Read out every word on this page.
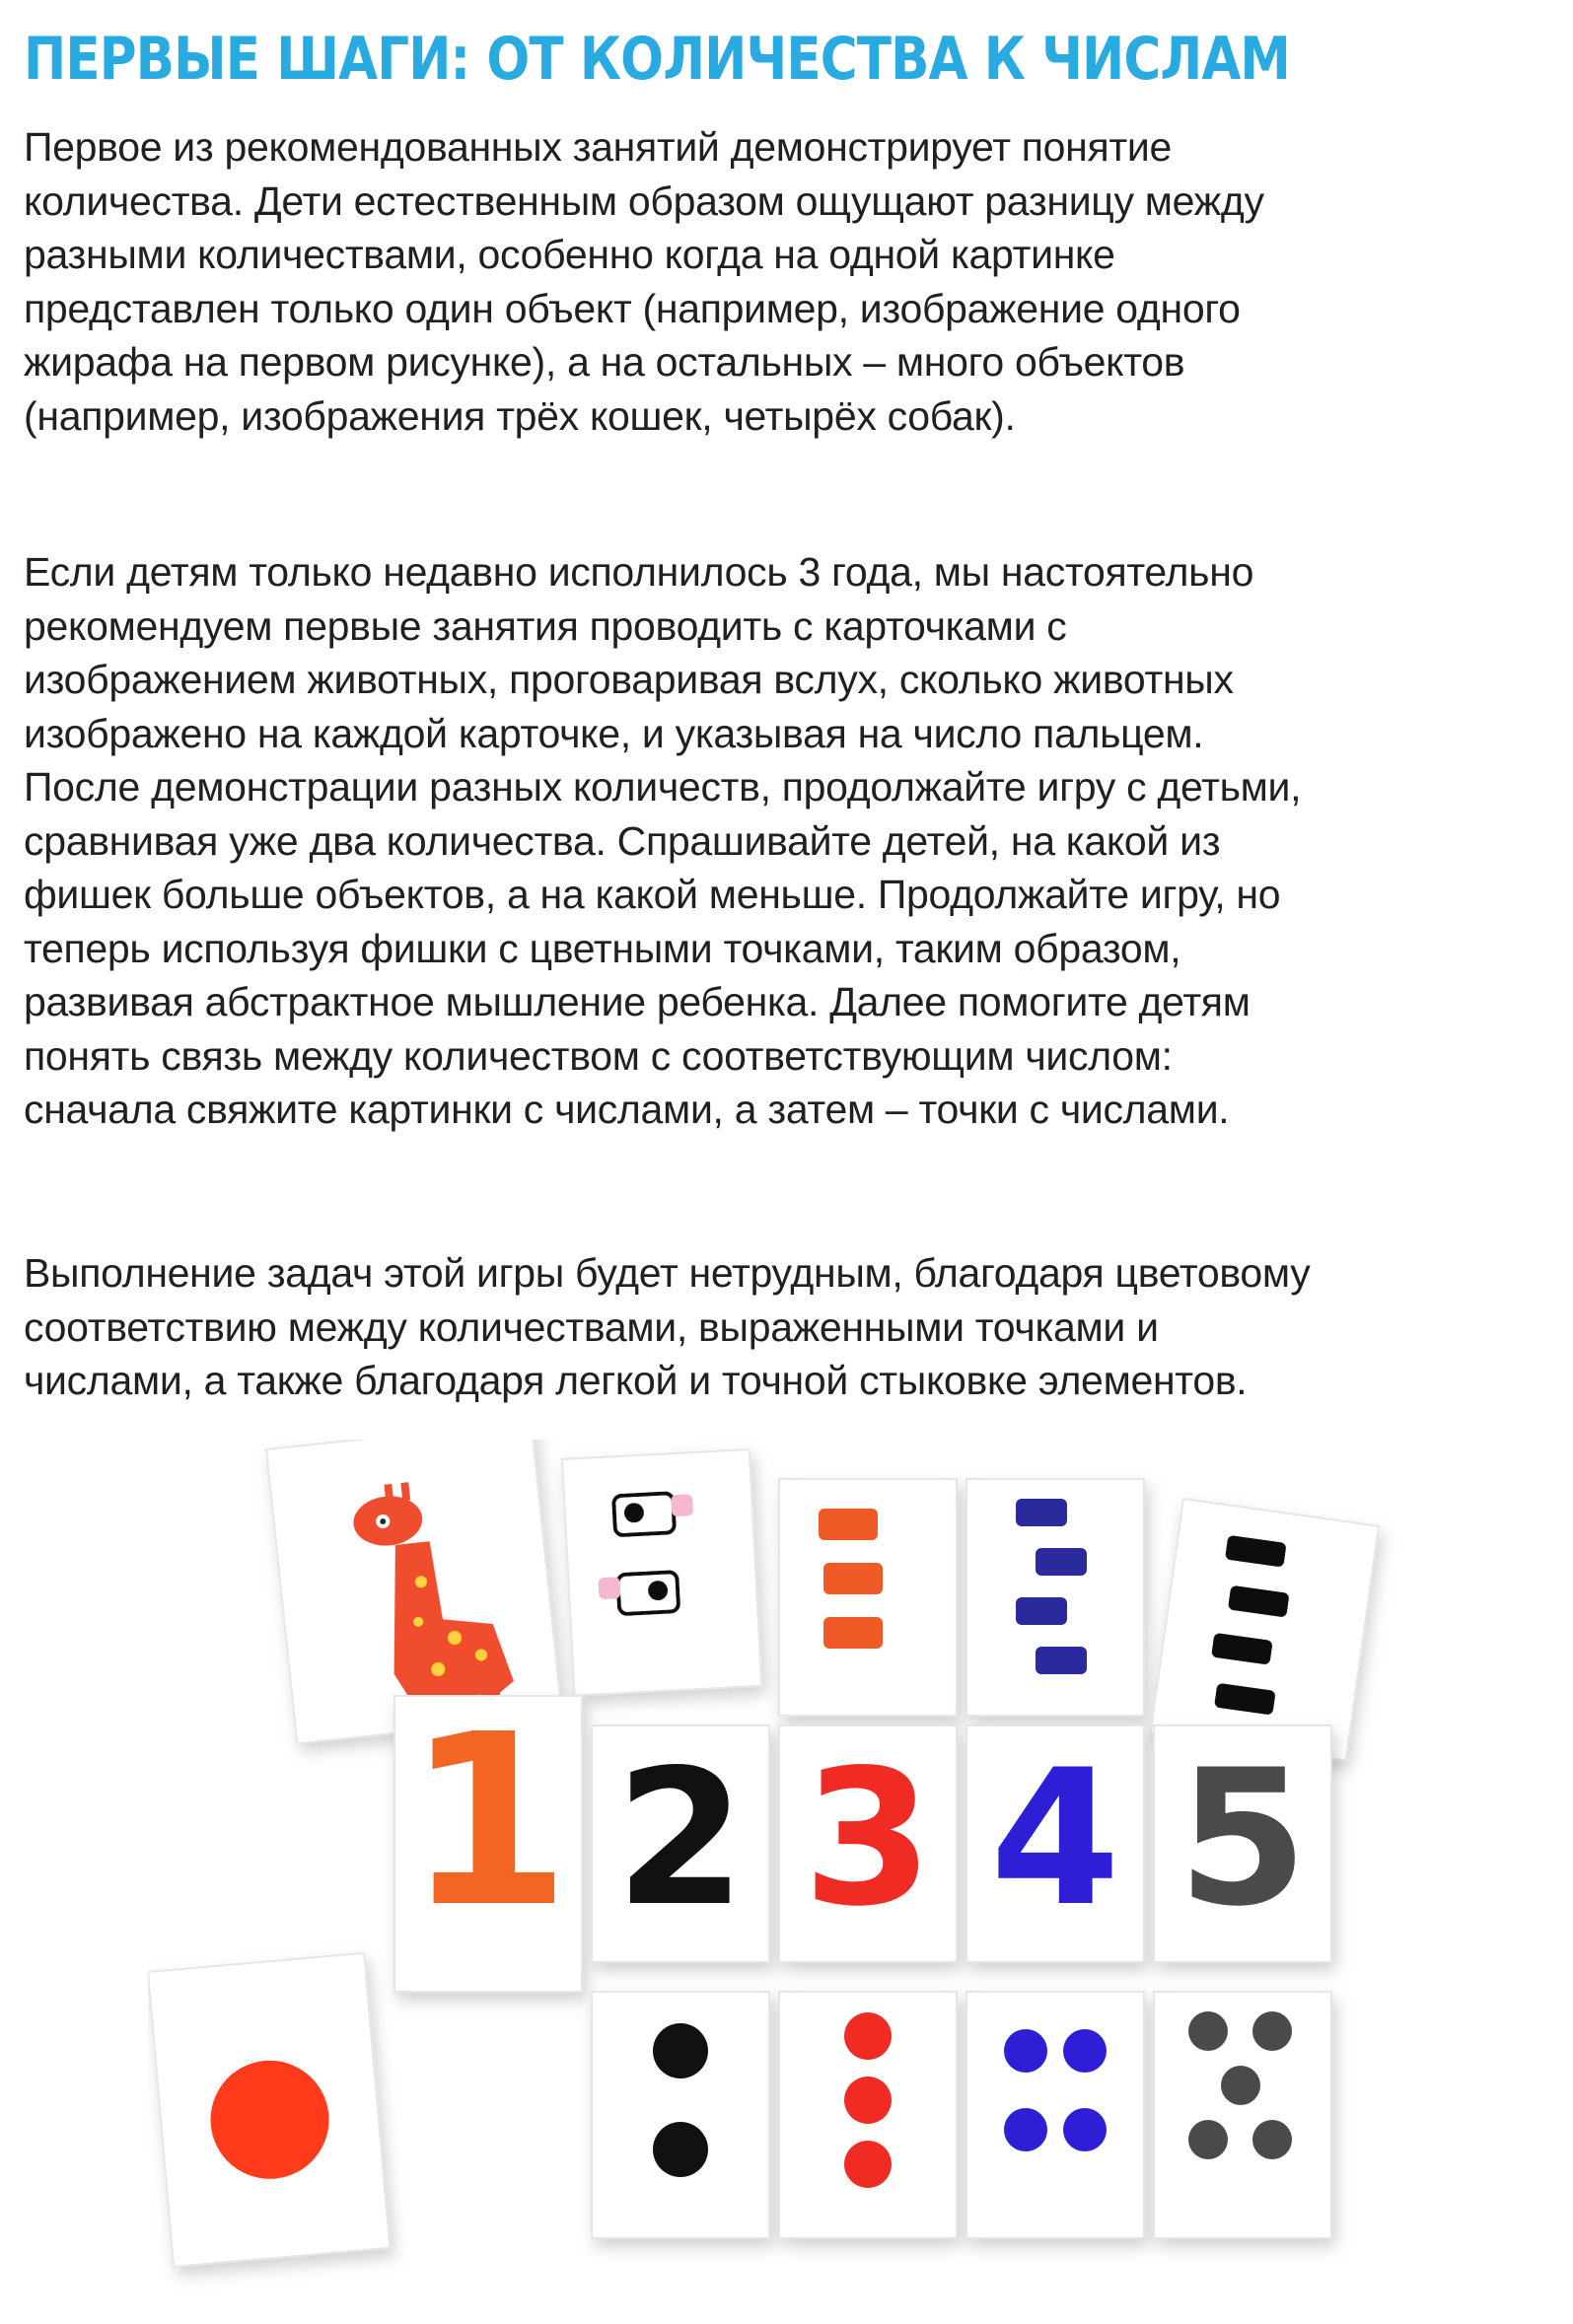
ПЕРВЫЕ ШАГИ: ОТ КОЛИЧЕСТВА К ЧИСЛАМ

Первое из рекомендованных занятий демонстрирует понятие
количества. Дети естественным образом ощущают разницу между
разными количествами, особенно когда на одной картинке
представлен только один объект (например, изображение одного
жирафа на первом рисунке), а на остальных – много объектов
(например, изображения трёх кошек, четырёх собак).

Если детям только недавно исполнилось 3 года, мы настоятельно
рекомендуем первые занятия проводить с карточками с
изображением животных, проговаривая вслух, сколько животных
изображено на каждой карточке, и указывая на число пальцем.
После демонстрации разных количеств, продолжайте игру с детьми,
сравнивая уже два количества. Спрашивайте детей, на какой из
фишек больше объектов, а на какой меньше. Продолжайте игру, но
теперь используя фишки с цветными точками, таким образом,
развивая абстрактное мышление ребенка. Далее помогите детям
понять связь между количеством с соответствующим числом:
сначала свяжите картинки с числами, а затем – точки с числами.

Выполнение задач этой игры будет нетрудным, благодаря цветовому
соответствию между количествами, выраженными точками и
числами, а также благодаря легкой и точной стыковке элементов.

1 2 3 4 5
